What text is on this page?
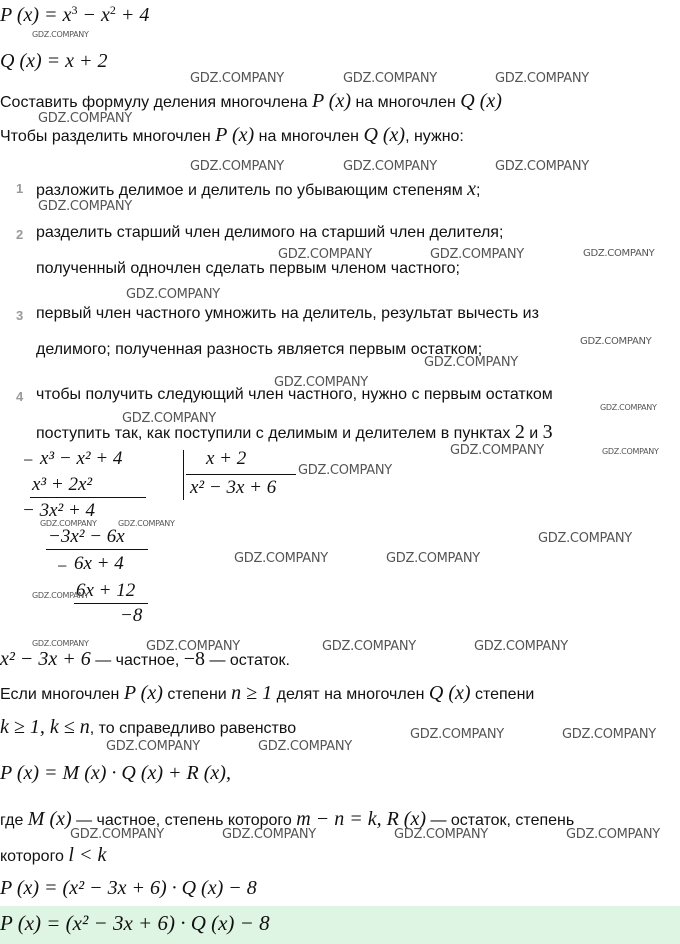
P $(x) = x^3 - x^2 + 4$
Q (x) = x + 2
Составить формулу деления многочлена P (x) на многочлен Q (x)
Чтобы разделить многочлен P (x) на многочлен Q (x), нужно:
1 разложить делимое и делитель по убывающим степеням x;
2 разделить старший член делимого на старший член делителя;
полученный одночлен сделать первым членом частного;
3 первый член частного умножить на делитель, результат вычесть из
делимого; полученная разность является первым остатком;
4 чтобы получить следующий член частного, нужно с первым остатком
поступить так, как поступили с делимым и делителем в пунктах 2 и 3
− x³ − x² + 4
x³ + 2x²
− 3x² + 4
−3x² − 6x
− 6x + 4
6x + 12
−8
x + 2
x² − 3x + 6
x² − 3x + 6 — частное, −8 — остаток.
Если многочлен P (x) степени n ≥ 1 делят на многочлен Q (x) степени
k ≥ 1, k ≤ n, то справедливо равенство
P (x) = M (x) · Q (x) + R (x),
где M (x) — частное, степень которого m − n = k, R (x) — остаток, степень
которого l < k
P (x) = (x² − 3x + 6) · Q (x) − 8
P (x) = (x² − 3x + 6) · Q (x) − 8
GDZ.COMPANY
GDZ.COMPANY	GDZ.COMPANY	GDZ.COMPANY
GDZ.COMPANY
GDZ.COMPANY	GDZ.COMPANY	GDZ.COMPANY
GDZ.COMPANY
GDZ.COMPANY	GDZ.COMPANY	GDZ.COMPANY
GDZ.COMPANY
GDZ.COMPANY
GDZ.COMPANY
GDZ.COMPANY
GDZ.COMPANY
GDZ.COMPANY
GDZ.COMPANY	GDZ.COMPANY
GDZ.COMPANY
GDZ.COMPANY	GDZ.COMPANY
GDZ.COMPANY
GDZ.COMPANY	GDZ.COMPANY
GDZ.COMPANY
GDZ.COMPANY	GDZ.COMPANY	GDZ.COMPANY	GDZ.COMPANY
GDZ.COMPANY	GDZ.COMPANY
GDZ.COMPANY	GDZ.COMPANY
GDZ.COMPANY	GDZ.COMPANY	GDZ.COMPANY	GDZ.COMPANY
